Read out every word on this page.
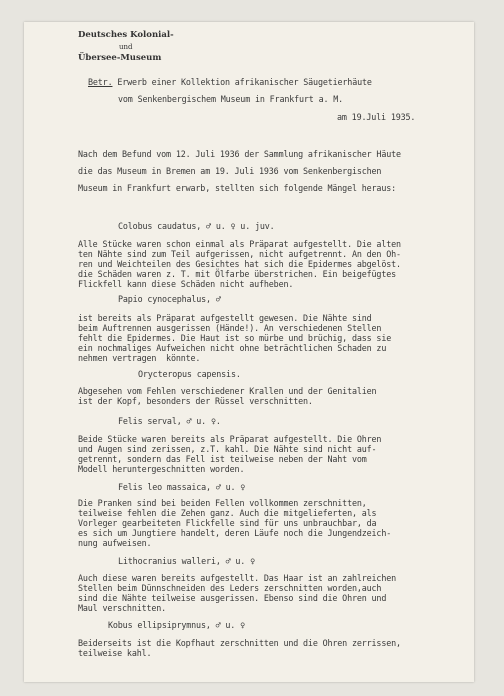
Deutsches Kolonial-
und
Übersee-Museum
Betr. Erwerb einer Kollektion afrikanischer Säugetierhäute
vom Senkenbergischem Museum in Frankfurt a. M.
am 19.Juli 1935.
Nach dem Befund vom 12. Juli 1936 der Sammlung afrikanischer Häute
die das Museum in Bremen am 19. Juli 1936 vom Senkenbergischen
Museum in Frankfurt erwarb, stellten sich folgende Mängel heraus:
Colobus caudatus, ♂ u. ♀ u. juv.
Alle Stücke waren schon einmal als Präparat aufgestellt. Die alten
ten Nähte sind zum Teil aufgerissen, nicht aufgetrennt. An den Oh-
ren und Weichteilen des Gesichtes hat sich die Epidermes abgelöst.
die Schäden waren z. T. mit Ölfarbe überstrichen. Ein beigefügtes
Flickfell kann diese Schäden nicht aufheben.
Papio cynocephalus, ♂
ist bereits als Präparat aufgestellt gewesen. Die Nähte sind
beim Auftrennen ausgerissen (Hände!). An verschiedenen Stellen
fehlt die Epidermes. Die Haut ist so mürbe und brüchig, dass sie
ein nochmaliges Aufweichen nicht ohne beträchtlichen Schaden zu
nehmen vertragen  könnte.
Orycteropus capensis.
Abgesehen vom Fehlen verschiedener Krallen und der Genitalien
ist der Kopf, besonders der Rüssel verschnitten.
Felis serval, ♂ u. ♀.
Beide Stücke waren bereits als Präparat aufgestellt. Die Ohren
und Augen sind zerissen, z.T. kahl. Die Nähte sind nicht auf-
getrennt, sondern das Fell ist teilweise neben der Naht vom
Modell heruntergeschnitten worden.
Felis leo massaica, ♂ u. ♀
Die Pranken sind bei beiden Fellen vollkommen zerschnitten,
teilweise fehlen die Zehen ganz. Auch die mitgelieferten, als
Vorleger gearbeiteten Flickfelle sind für uns unbrauchbar, da
es sich um Jungtiere handelt, deren Läufe noch die Jungendzeich-
nung aufweisen.
Lithocranius walleri, ♂ u. ♀
Auch diese waren bereits aufgestellt. Das Haar ist an zahlreichen
Stellen beim Dünnschneiden des Leders zerschnitten worden,auch
sind die Nähte teilweise ausgerissen. Ebenso sind die Ohren und
Maul verschnitten.
Kobus ellipsiprymnus, ♂ u. ♀
Beiderseits ist die Kopfhaut zerschnitten und die Ohren zerrissen,
teilweise kahl.
